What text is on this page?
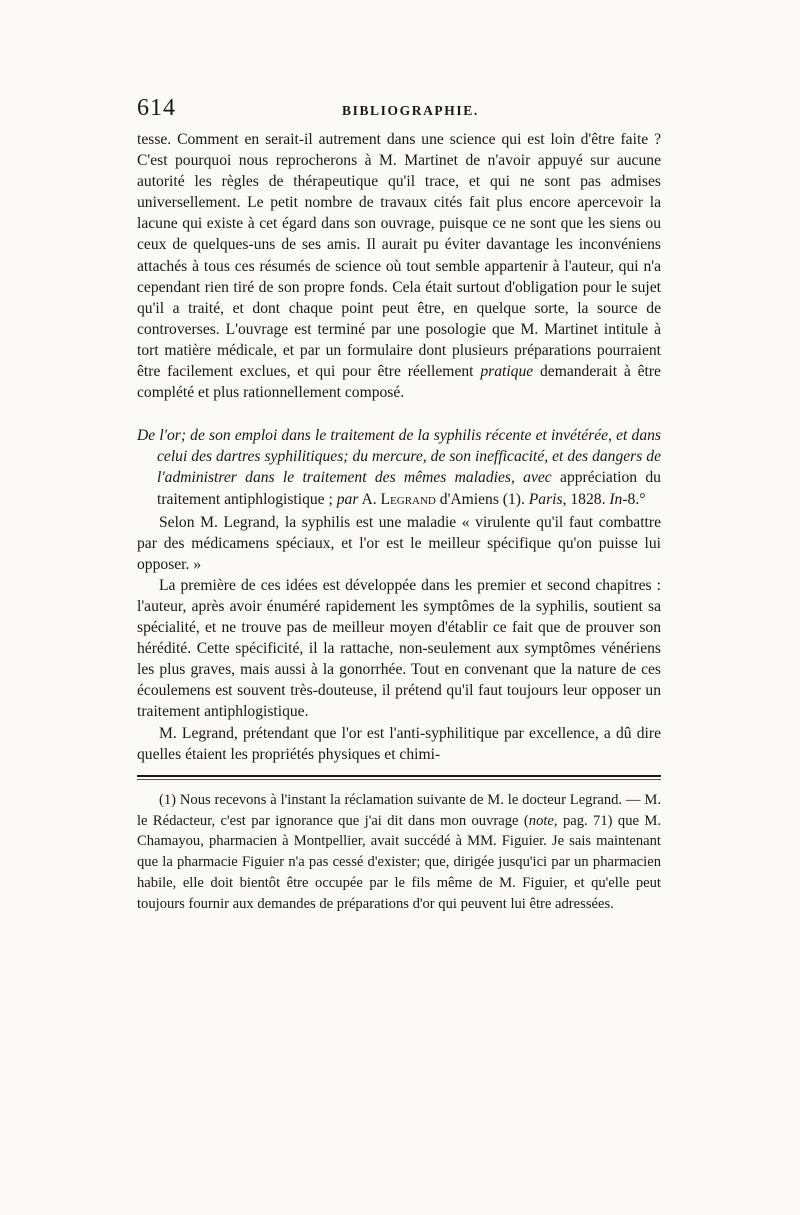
614	BIBLIOGRAPHIE.

tesse. Comment en serait-il autrement dans une science qui est loin d'être faite ? C'est pourquoi nous reprocherons à M. Martinet de n'avoir appuyé sur aucune autorité les règles de thérapeutique qu'il trace, et qui ne sont pas admises universellement. Le petit nombre de travaux cités fait plus encore apercevoir la lacune qui existe à cet égard dans son ouvrage, puisque ce ne sont que les siens ou ceux de quelques-uns de ses amis. Il aurait pu éviter davantage les inconvéniens attachés à tous ces résumés de science où tout semble appartenir à l'auteur, qui n'a cependant rien tiré de son propre fonds. Cela était surtout d'obligation pour le sujet qu'il a traité, et dont chaque point peut être, en quelque sorte, la source de controverses. L'ouvrage est terminé par une posologie que M. Martinet intitule à tort matière médicale, et par un formulaire dont plusieurs préparations pourraient être facilement exclues, et qui pour être réellement pratique demanderait à être complété et plus rationnellement composé.

De l'or; de son emploi dans le traitement de la syphilis récente et invétérée, et dans celui des dartres syphilitiques; du mercure, de son inefficacité, et des dangers de l'administrer dans le traitement des mêmes maladies, avec appréciation du traitement antiphlogistique ; par A. Legrand d'Amiens (1). Paris, 1828. In-8.°

Selon M. Legrand, la syphilis est une maladie « virulente qu'il faut combattre par des médicamens spéciaux, et l'or est le meilleur spécifique qu'on puisse lui opposer. »

La première de ces idées est développée dans les premier et second chapitres : l'auteur, après avoir énuméré rapidement les symptômes de la syphilis, soutient sa spécialité, et ne trouve pas de meilleur moyen d'établir ce fait que de prouver son hérédité. Cette spécificité, il la rattache, non-seulement aux symptômes vénériens les plus graves, mais aussi à la gonorrhée. Tout en convenant que la nature de ces écoulemens est souvent très-douteuse, il prétend qu'il faut toujours leur opposer un traitement antiphlogistique.

M. Legrand, prétendant que l'or est l'anti-syphilitique par excellence, a dû dire quelles étaient les propriétés physiques et chimi-

(1) Nous recevons à l'instant la réclamation suivante de M. le docteur Legrand. — M. le Rédacteur, c'est par ignorance que j'ai dit dans mon ouvrage (note, pag. 71) que M. Chamayou, pharmacien à Montpellier, avait succédé à MM. Figuier. Je sais maintenant que la pharmacie Figuier n'a pas cessé d'exister; que, dirigée jusqu'ici par un pharmacien habile, elle doit bientôt être occupée par le fils même de M. Figuier, et qu'elle peut toujours fournir aux demandes de préparations d'or qui peuvent lui être adressées.
